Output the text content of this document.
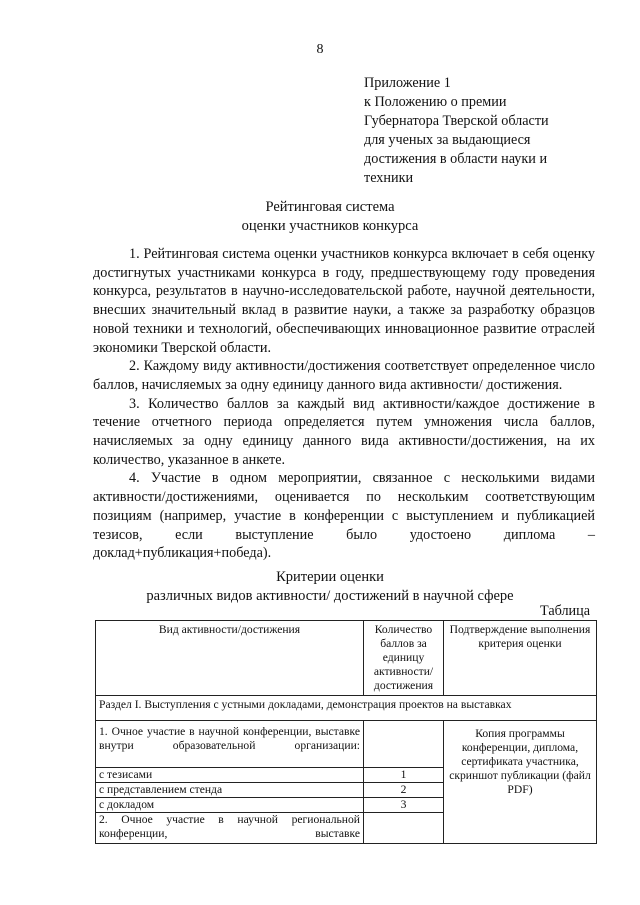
8
Приложение 1
к Положению о премии
Губернатора Тверской области
для ученых за выдающиеся
достижения в области науки и
техники
Рейтинговая система
оценки участников конкурса

1. Рейтинговая система оценки участников конкурса включает в себя оценку достигнутых участниками конкурса в году, предшествующему году проведения конкурса, результатов в научно-исследовательской работе, научной деятельности, внесших значительный вклад в развитие науки, а также за разработку образцов новой техники и технологий, обеспечивающих инновационное развитие отраслей экономики Тверской области.

2. Каждому виду активности/достижения соответствует определенное число баллов, начисляемых за одну единицу данного вида активности/ достижения.

3. Количество баллов за каждый вид активности/каждое достижение в течение отчетного периода определяется путем умножения числа баллов, начисляемых за одну единицу данного вида активности/достижения, на их количество, указанное в анкете.

4. Участие в одном мероприятии, связанное с несколькими видами активности/достижениями, оценивается по нескольким соответствующим позициям (например, участие в конференции с выступлением и публикацией тезисов, если выступление было удостоено диплома – доклад+публикация+победа).

Критерии оценки
различных видов активности/ достижений в научной сфере
Таблица
Вид активности/достижения	Количество баллов за единицу активности/ достижения	Подтверждение выполнения критерия оценки
Раздел I. Выступления с устными докладами, демонстрация проектов на выставках		

1. Очное участие в научной конференции, выставке внутри образовательной организации:		Копия программы конференции, диплома, сертификата участника, скриншот публикации (файл PDF)
с тезисами	1	
с представлением стенда	2	
с докладом	3	

2. Очное участие в научной региональной конференции, выставке		
